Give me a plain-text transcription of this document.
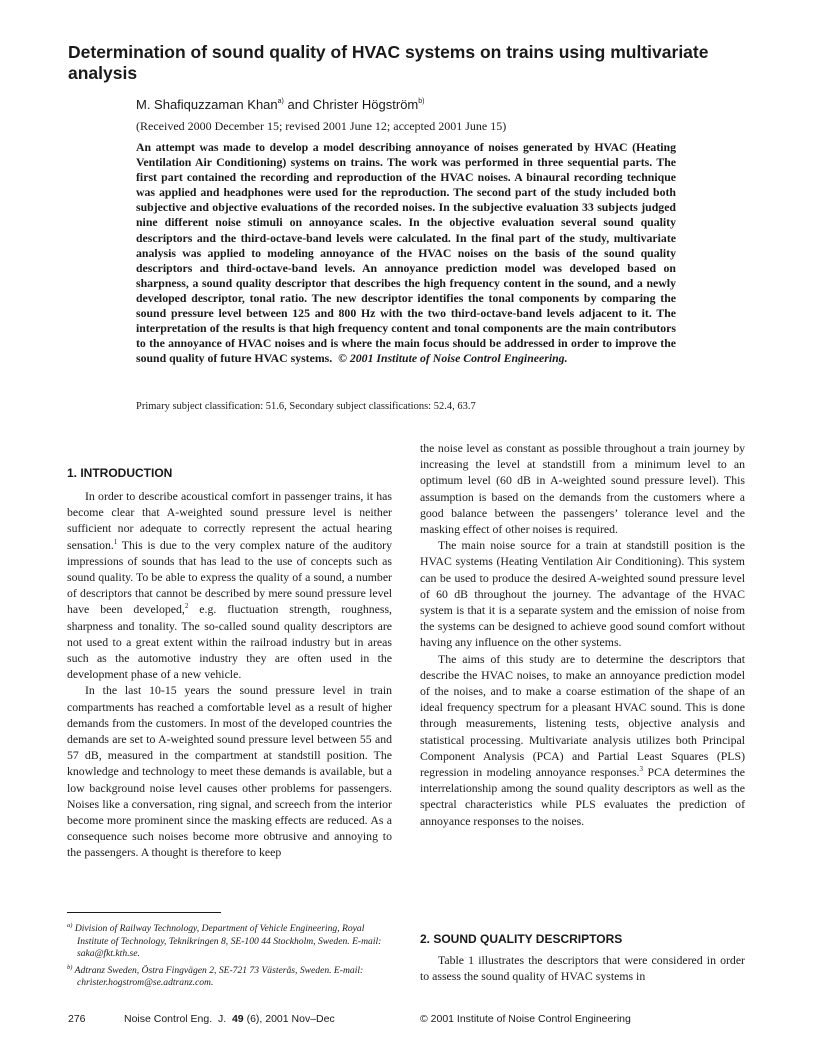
Determination of sound quality of HVAC systems on trains using multivariate analysis
M. Shafiquzzaman Khan$^{a)}$ and Christer Högström$^{b)}$
(Received 2000 December 15; revised 2001 June 12; accepted 2001 June 15)

An attempt was made to develop a model describing annoyance of noises generated by HVAC (Heating Ventilation Air Conditioning) systems on trains. The work was performed in three sequential parts. The first part contained the recording and reproduction of the HVAC noises. A binaural recording technique was applied and headphones were used for the reproduction. The second part of the study included both subjective and objective evaluations of the recorded noises. In the subjective evaluation 33 subjects judged nine different noise stimuli on annoyance scales. In the objective evaluation several sound quality descriptors and the third-octave-band levels were calculated. In the final part of the study, multivariate analysis was applied to modeling annoyance of the HVAC noises on the basis of the sound quality descriptors and third-octave-band levels. An annoyance prediction model was developed based on sharpness, a sound quality descriptor that describes the high frequency content in the sound, and a newly developed descriptor, tonal ratio. The new descriptor identifies the tonal components by comparing the sound pressure level between 125 and 800 Hz with the two third-octave-band levels adjacent to it. The interpretation of the results is that high frequency content and tonal components are the main contributors to the annoyance of HVAC noises and is where the main focus should be addressed in order to improve the sound quality of future HVAC systems. © 2001 Institute of Noise Control Engineering.

Primary subject classification: 51.6, Secondary subject classifications: 52.4, 63.7
1. INTRODUCTION

In order to describe acoustical comfort in passenger trains, it has become clear that A-weighted sound pressure level is neither sufficient nor adequate to correctly represent the actual hearing sensation.$^1$ This is due to the very complex nature of the auditory impressions of sounds that has lead to the use of concepts such as sound quality. To be able to express the quality of a sound, a number of descriptors that cannot be described by mere sound pressure level have been developed,$^2$ e.g. fluctuation strength, roughness, sharpness and tonality. The so-called sound quality descriptors are not used to a great extent within the railroad industry but in areas such as the automotive industry they are often used in the development phase of a new vehicle.

In the last 10-15 years the sound pressure level in train compartments has reached a comfortable level as a result of higher demands from the customers. In most of the developed countries the demands are set to A-weighted sound pressure level between 55 and 57 dB, measured in the compartment at standstill position. The knowledge and technology to meet these demands is available, but a low background noise level causes other problems for passengers. Noises like a conversation, ring signal, and screech from the interior become more prominent since the masking effects are reduced. As a consequence such noises become more obtrusive and annoying to the passengers. A thought is therefore to keep

the noise level as constant as possible throughout a train journey by increasing the level at standstill from a minimum level to an optimum level (60 dB in A-weighted sound pressure level). This assumption is based on the demands from the customers where a good balance between the passengers’ tolerance level and the masking effect of other noises is required.

The main noise source for a train at standstill position is the HVAC systems (Heating Ventilation Air Conditioning). This system can be used to produce the desired A-weighted sound pressure level of 60 dB throughout the journey. The advantage of the HVAC system is that it is a separate system and the emission of noise from the systems can be designed to achieve good sound comfort without having any influence on the other systems.

The aims of this study are to determine the descriptors that describe the HVAC noises, to make an annoyance prediction model of the noises, and to make a coarse estimation of the shape of an ideal frequency spectrum for a pleasant HVAC sound. This is done through measurements, listening tests, objective analysis and statistical processing. Multivariate analysis utilizes both Principal Component Analysis (PCA) and Partial Least Squares (PLS) regression in modeling annoyance responses.$^3$ PCA determines the interrelationship among the sound quality descriptors as well as the spectral characteristics while PLS evaluates the prediction of annoyance responses to the noises.

2. SOUND QUALITY DESCRIPTORS

Table 1 illustrates the descriptors that were considered in order to assess the sound quality of HVAC systems in

$^{a)}$ Division of Railway Technology, Department of Vehicle Engineering, Royal Institute of Technology, Teknikringen 8, SE-100 44 Stockholm, Sweden. E-mail: saka@fkt.kth.se.

$^{b)}$ Adtranz Sweden, Östra Fingvägen 2, SE-721 73 Västerås, Sweden. E-mail: christer.hogstrom@se.adtranz.com.

276	Noise Control Eng.  J.  49 (6), 2001 Nov–Dec	© 2001 Institute of Noise Control Engineering
